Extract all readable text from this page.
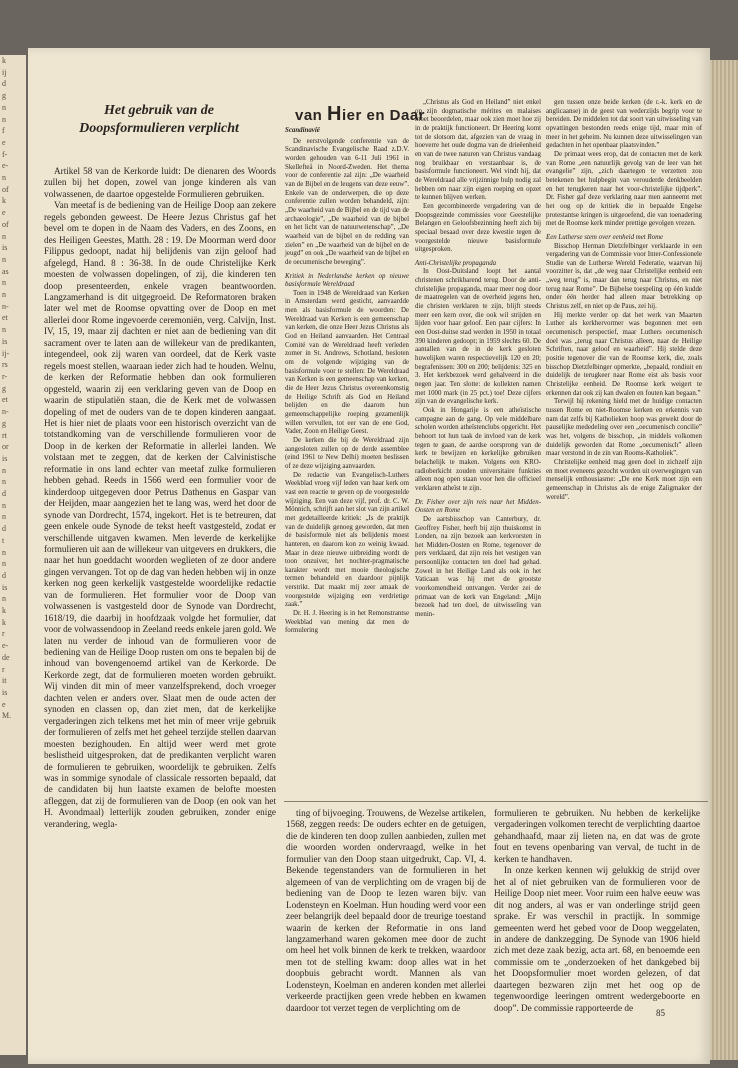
k
ij
d
g
n
n
f
e
f-
e-
n
of
k
e
of
n
is
n
as
n
n
n-
et
n
is
ij-
rs
r-
g
et
n-
g
rt
or
is
n
n
d
n
n
d
t
n
n
d
is
n
k
k
r
e-
de
r
it
is
e
M.
Het gebruik van de Doopsformulieren verplicht

Artikel 58 van de Kerkorde luidt: De dienaren des Woords zullen bij het dopen, zowel van jonge kinderen als van volwassenen, de daartoe opgestelde Formulieren gebruiken.

Van meetaf is de bediening van de Heilige Doop aan zekere regels gebonden geweest. De Heere Jezus Christus gaf het bevel om te dopen in de Naam des Vaders, en des Zoons, en des Heiligen Geestes, Matth. 28 : 19. De Moorman werd door Filippus gedoopt, nadat hij belijdenis van zijn geloof had afgelegd, Hand. 8 : 36-38. In de oude Christelijke Kerk moesten de volwassen dopelingen, of zij, die kinderen ten doop presenteerden, enkele vragen beantwoorden. Langzamerhand is dit uitgegroeid. De Reformatoren braken later wel met de Roomse opvatting over de Doop en met allerlei door Rome ingevoerde ceremoniën, verg. Calvijn, Inst. IV, 15, 19, maar zij dachten er niet aan de bediening van dit sacrament over te laten aan de willekeur van de predikanten, integendeel, ook zij waren van oordeel, dat de Kerk vaste regels moest stellen, waaraan ieder zich had te houden. Welnu, de kerken der Reformatie hebben dan ook formulieren opgesteld, waarin zij een verklaring geven van de Doop en waarin de stipulatiën staan, die de Kerk met de volwassen dopeling of met de ouders van de te dopen kinderen aangaat. Het is hier niet de plaats voor een historisch overzicht van de totstandkoming van de verschillende formulieren voor de Doop in de kerken der Reformatie in allerlei landen. We volstaan met te zeggen, dat de kerken der Calvinistische reformatie in ons land echter van meetaf zulke formulieren hebben gehad. Reeds in 1566 werd een formulier voor de kinderdoop uitgegeven door Petrus Dathenus en Gaspar van der Heijden, maar aangezien het te lang was, werd het door de synode van Dordrecht, 1574, ingekort. Het is te betreuren, dat geen enkele oude Synode de tekst heeft vastgesteld, zodat er verschillende uitgaven kwamen. Men leverde de kerkelijke formulieren uit aan de willekeur van uitgevers en drukkers, die naar het hun goeddacht woorden weglieten of ze door andere gingen vervangen. Tot op de dag van heden hebben wij in onze kerken nog geen kerkelijk vastgestelde woordelijke redactie van de formulieren. Het formulier voor de Doop van volwassenen is vastgesteld door de Synode van Dordrecht, 1618/19, die daarbij in hoofdzaak volgde het formulier, dat voor de volwassendoop in Zeeland reeds enkele jaren gold. We laten nu verder de inhoud van de formulieren voor de bediening van de Heilige Doop rusten om ons te bepalen bij de inhoud van bovengenoemd artikel van de Kerkorde. De Kerkorde zegt, dat de formulieren moeten worden gebruikt. Wij vinden dit min of meer vanzelfsprekend, doch vroeger dachten velen er anders over. Slaat men de oude acten der synoden en classen op, dan ziet men, dat de kerkelijke vergaderingen zich telkens met het min of meer vrije gebruik der formulieren of zelfs met het geheel terzijde stellen daarvan moesten bezighouden. En altijd weer werd met grote beslistheid uitgesproken, dat de predikanten verplicht waren de formulieren te gebruiken, woordelijk te gebruiken. Zelfs was in sommige synodale of classicale ressorten bepaald, dat de candidaten bij hun laatste examen de belofte moesten afleggen, dat zij de formulieren van de Doop (en ook van het H. Avondmaal) letterlijk zouden gebruiken, zonder enige verandering, wegla-

van Hier en Daar

Scandinavië

De eerstvolgende conferentie van de Scandinavische Evangelische Raad z.D.V. worden gehouden van 6-11 Juli 1961 in Skellefteå in Noord-Zweden. Het thema voor de conferentie zal zijn: „De waarheid van de Bijbel en de leugens van deze eeuw”. Enkele van de onderwerpen, die op deze conferentie zullen worden behandeld, zijn: „De waarheid van de Bijbel en de tijd van de archaeologie”, „De waarheid van de bijbel en het licht van de natuurwetenschap”, „De waarheid van de bijbel en de redding van zielen” en „De waarheid van de bijbel en de jeugd” en ook „De waarheid van de bijbel en de oecumenische beweging”.

Kritiek in Nederlandse kerken op nieuwe basisformule Wereldraad

Toen in 1948 de Wereldraad van Kerken in Amsterdam werd gesticht, aanvaardde men als basisformule de woorden: De Wereldraad van Kerken is een gemeenschap van kerken, die onze Heer Jezus Christus als God en Heiland aanvaarden. Het Centraal Comité van de Wereldraad heeft verleden zomer in St. Andrews, Schotland, besloten om de volgende wijziging van de basisformule voor te stellen: De Wereldraad van Kerken is een gemeenschap van kerken, die de Heer Jezus Christus overeenkomstig de Heilige Schrift als God en Heiland belijden en die daarom hun gemeenschappelijke roeping gezamenlijk willen vervullen, tot eer van de ene God, Vader, Zoon en Heilige Geest.

De kerken die bij de Wereldraad zijn aangesloten zullen op de derde assemblee (eind 1961 te New Delhi) moeten beslissen of ze deze wijziging aanvaarden.

De redactie van Evangelisch-Luthers Weekblad vroeg vijf leden van haar kerk om vast een reactie te geven op de voorgestelde wijziging. Een van deze vijf, prof. dr. C. W. Mönnich, schrijft aan het slot van zijn artikel met gedetailleerde kritiek: „Is de praktijk van de duidelijk genoeg geworden, dat men de basisformule niet als belijdenis moest hanteren, en daarom kon zo weinig kwaad. Maar in deze nieuwe uitbreiding wordt de toon onzuiver, het nochter-pragmatische karakter wordt met mooie theologische termen behandeld en daardoor pijnlijk verstrikt. Dat maakt mij zeer amaak de voorgestelde wijziging een verdrietige zaak.”

Dr. H. J. Heering is in het Remonstrantse Weekblad van mening dat men de formulering

„Christus als God en Heiland” niet enkel op zijn dogmatische mérites en malaises moet beoordelen, maar ook zien moet hoe zij in de praktijk functioneert. Dr Heering komt tot de slotsom dat, afgezien van de vraag in hoeverre het oude dogma van de drieëenheid en van de twee naturen van Christus vandaag nog bruikbaar en verstaanbaar is, de basisformule functioneert. Wel vindt hij, dat de Wereldraad alle vrijzinnige hulp nodig zal hebben om naar zijn eigen roeping en opzet te kunnen blijven werken.

Een gecombineerde vergadering van de Doopsgezinde commissies voor Geestelijke Belangen en Geloofsbezinning heeft zich bij speciaal besaad over deze kwestie tegen de voorgestelde nieuwe basisformule uitgesproken.

Anti-Christelijke propaganda

In Oost-Duitsland loopt het aantal christenen schrikbarend terug. Door de anti-christelijke propaganda, maar meer nog door de maatregelen van de overheid jegens hen, die christen verklaren te zijn, blijft steeds meer een kern over, die ook wil strijden en lijden voor haar geloof. Een paar cijfers: In een Oost-duitse stad werden in 1950 in totaal 390 kinderen gedoopt; in 1959 slechts 60. De aantallen van de in de kerk gesloten huwelijken waren respectievelijk 120 en 20; begrafenissen: 300 en 200; belijdenis: 325 en 3. Het kerkbezoek werd gehalveerd in die negen jaar. Ten slotte: de kollekten namen met 1000 mark (in 25 pct.) toe! Deze cijfers zijn van de evangelische kerk.

Ook in Hongarije is een atheïstische campagne aan de gang. Op vele middelbare scholen worden atheïstenclubs opgericht. Het behoort tot hun taak de invloed van de kerk tegen te gaan, de aardse oorsprong van de kerk te bewijzen en kerkelijke gebruiken belachelijk te maken. Volgens een KRO-radioberkicht zouden universitaire funkties alleen nog open staan voor hen die officieel verklaren atheïst te zijn.

Dr. Fisher over zijn reis naar het Midden-Oosten en Rome

De aartsbisschop van Canterbury, dr. Geoffrey Fisher, heeft bij zijn thuiskomst in Londen, na zijn bezoek aan kerkvorsten in het Midden-Oosten en Rome, tegenover de pers verklaard, dat zijn reis het vestigen van persoonlijke contacten ten doel had gehad. Zowel in het Heilige Land als ook in het Vaticaan was hij met de grootste voorkomendheid ontvangen. Verder zei de primaat van de kerk van Engeland: „Mijn bezoek had ten doel, de uitwisseling van menin-

gen tussen onze beide kerken (de r.-k. kerk en de anglicaanse) in de geest van wederzijds begrip voor te bereiden. De middelen tot dat soort van uitwisseling van opvattingen bestonden reeds enige tijd, maar min of meer in het geheim. Nu kunnen deze uitwisselingen van gedachten in het openbaar plaatsvinden.”

De primaat wees erop, dat de contacten met de kerk van Rome „een natuurlijk gevolg van de leer van het evangelie” zijn, „zich daartegen te verzetten zou betekenen het hulpbegin van verouderde denkbeelden en het terugkeren naar het voor-christelijke tijdperk”. Dr. Fisher gaf deze verklaring naar men aanneemt met het oog op de kritiek die in bepaalde Engelse protestantse kringen is uitgeoefend, die van toenadering met de Roomse kerk minder prettige gevolgen vrezen.

Een Lutherse stem over eenheid met Rome

Bisschop Herman Dietzfelbinger verklaarde in een vergadering van de Commissie voor Inter-Confessionele Studie van de Lutherse Wereld Federatie, waarvan hij voorzitter is, dat „de weg naar Christelijke eenheid een „weg terug” is, maar dan terug naar Christus, en niet terug naar Rome”. De Bijbelse toespeling op één kudde onder één herder had alleen maar betrekking op Christus zelf, en niet op de Paus, zei hij.

Hij merkte verder op dat het werk van Maarten Luther als kerkhervormer was begonnen met een oecumenisch perspectief, maar Luthers oecumenisch doel was „terug naar Christus alleen, naar de Heilige Schriften, naar geloof en waarheid”. Hij stelde deze positie tegenover die van de Roomse kerk, die, zoals bisschop Dietzfelbinger opmerkte, „bepaald, rondiuit en duidelijk de terugkeer naar Rome eist als basis voor Christelijke eenheid. De Roomse kerk weigert te erkennen dat ook zij kan dwalen en fouten kan begaan.”

Terwijl hij rekening hield met de huidige contacten tussen Rome en niet-Roomse kerken en erkennis van nam dat zelfs bij Katholieken hoop was gewekt door de pauselijke mededeling over een „oecumenisch concilie” was het, volgens de bisschop, „in middels volkomen duidelijk geworden dat Rome „oecumenisch” alleen maar verstond in de zin van Rooms-Katholiek”.

Christelijke eenheid mag geen doel in zichzelf zijn en moet eveneens gezocht worden uit overwegingen van menselijk enthousiasme: „De ene Kerk moet zijn een gemeenschap in Christus als de enige Zaligmaker der wereld”.

ting of bijvoeging. Trouwens, de Wezelse artikelen, 1568, zeggen reeds: De ouders echter en de getuigen, die de kinderen ten doop zullen aanbieden, zullen met die woorden worden ondervraagd, welke in het formulier van den Doop staan uitgedrukt, Cap. VI, 4. Bekende tegenstanders van de formulieren in het algemeen of van de verplichting om de vragen bij de bediening van de Doop te lezen waren bijv. van Lodensteyn en Koelman. Hun houding werd voor een zeer belangrijk deel bepaald door de treurige toestand waarin de kerken der Reformatie in ons land langzamerhand waren gekomen mee door de zucht om heel het volk binnen de kerk te trekken, waardoor men tot de stelling kwam: doop alles wat in het doopbuis gebracht wordt. Mannen als van Lodensteyn, Koelman en anderen konden met allerlei verkeerde practijken geen vrede hebben en kwamen daardoor tot verzet tegen de verplichting om de

formulieren te gebruiken. Nu hebben de kerkelijke vergaderingen volkomen terecht de verplichting daartoe gehandhaafd, maar zij lieten na, en dat was de grote fout en tevens openbaring van verval, de tucht in de kerken te handhaven.

In onze kerken kennen wij gelukkig de strijd over het al of niet gebruiken van de formulieren voor de Heilige Doop niet meer. Voor ruim een halve eeuw was dit nog anders, al was er van onderlinge strijd geen sprake. Er was verschil in practijk. In sommige gemeenten werd het gebed voor de Doop weggelaten, in andere de dankzegging. De Synode van 1906 hield zich met deze zaak bezig, acta art. 68, en benoemde een commissie om te „onderzoeken of het dankgebed bij het Doopsformulier moet worden gelezen, of dat daartegen bezwaren zijn met het oog op de tegenwoordige leeringen omtrent wedergeboorte en doop”. De commissie rapporteerde de

85
